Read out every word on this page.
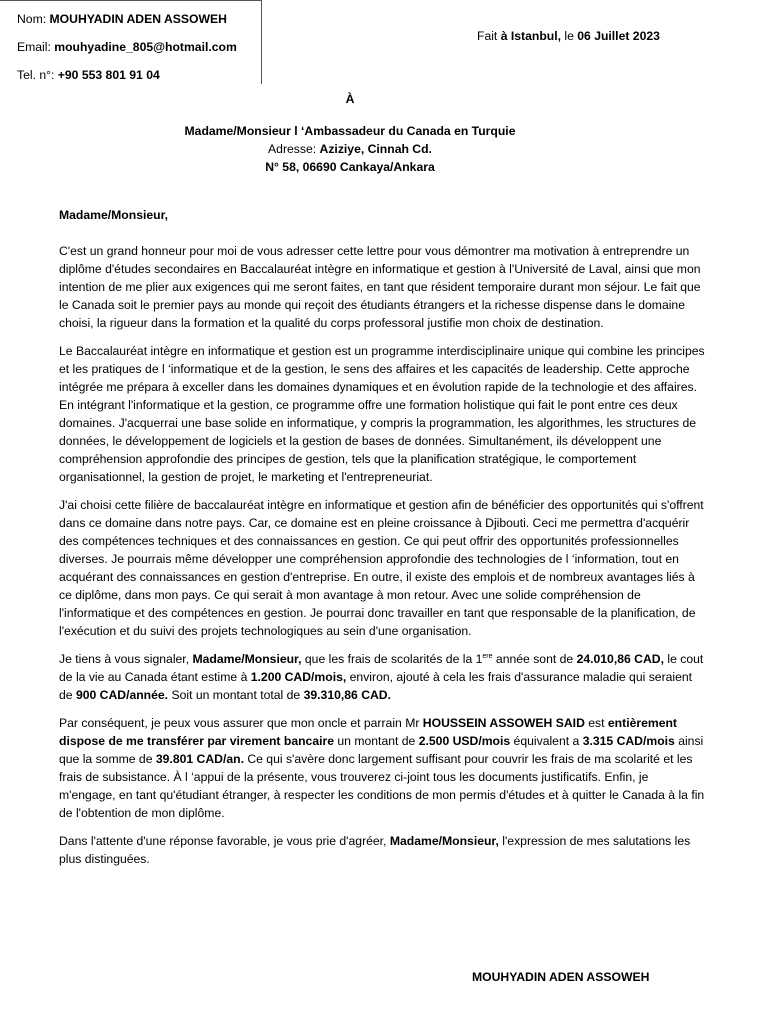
Nom: MOUHYADIN ADEN ASSOWEH
Email: mouhyadine_805@hotmail.com
Tel. n°: +90 553 801 91 04
Fait à Istanbul, le 06 Juillet 2023
À
Madame/Monsieur l ‘Ambassadeur du Canada en Turquie
Adresse: Aziziye, Cinnah Cd.
N° 58, 06690 Cankaya/Ankara

Madame/Monsieur,

C'est un grand honneur pour moi de vous adresser cette lettre pour vous démontrer ma motivation à entreprendre un diplôme d'études secondaires en Baccalauréat intègre en informatique et gestion à l'Université de Laval, ainsi que mon intention de me plier aux exigences qui me seront faites, en tant que résident temporaire durant mon séjour. Le fait que le Canada soit le premier pays au monde qui reçoit des étudiants étrangers et la richesse dispense dans le domaine choisi, la rigueur dans la formation et la qualité du corps professoral justifie mon choix de destination.

Le Baccalauréat intègre en informatique et gestion est un programme interdisciplinaire unique qui combine les principes et les pratiques de l ‘informatique et de la gestion, le sens des affaires et les capacités de leadership. Cette approche intégrée me prépara à exceller dans les domaines dynamiques et en évolution rapide de la technologie et des affaires. En intégrant l'informatique et la gestion, ce programme offre une formation holistique qui fait le pont entre ces deux domaines. J'acquerrai une base solide en informatique, y compris la programmation, les algorithmes, les structures de données, le développement de logiciels et la gestion de bases de données. Simultanément, ils développent une compréhension approfondie des principes de gestion, tels que la planification stratégique, le comportement organisationnel, la gestion de projet, le marketing et l'entrepreneuriat.

J'ai choisi cette filière de baccalauréat intègre en informatique et gestion afin de bénéficier des opportunités qui s'offrent dans ce domaine dans notre pays. Car, ce domaine est en pleine croissance à Djibouti. Ceci me permettra d'acquérir des compétences techniques et des connaissances en gestion. Ce qui peut offrir des opportunités professionnelles diverses. Je pourrais même développer une compréhension approfondie des technologies de l ‘information, tout en acquérant des connaissances en gestion d'entreprise. En outre, il existe des emplois et de nombreux avantages liés à ce diplôme, dans mon pays. Ce qui serait à mon avantage à mon retour. Avec une solide compréhension de l'informatique et des compétences en gestion. Je pourrai donc travailler en tant que responsable de la planification, de l'exécution et du suivi des projets technologiques au sein d'une organisation.

Je tiens à vous signaler, Madame/Monsieur, que les frais de scolarités de la 1ere année sont de 24.010,86 CAD, le cout de la vie au Canada étant estime à 1.200 CAD/mois, environ, ajouté à cela les frais d'assurance maladie qui seraient de 900 CAD/année. Soit un montant total de 39.310,86 CAD.

Par conséquent, je peux vous assurer que mon oncle et parrain Mr HOUSSEIN ASSOWEH SAID est entièrement dispose de me transférer par virement bancaire un montant de 2.500 USD/mois équivalent a 3.315 CAD/mois ainsi que la somme de 39.801 CAD/an. Ce qui s'avère donc largement suffisant pour couvrir les frais de ma scolarité et les frais de subsistance. À l ‘appui de la présente, vous trouverez ci-joint tous les documents justificatifs. Enfin, je m'engage, en tant qu'étudiant étranger, à respecter les conditions de mon permis d'études et à quitter le Canada à la fin de l'obtention de mon diplôme.

Dans l'attente d'une réponse favorable, je vous prie d'agréer, Madame/Monsieur, l'expression de mes salutations les plus distinguées.

MOUHYADIN ADEN ASSOWEH
